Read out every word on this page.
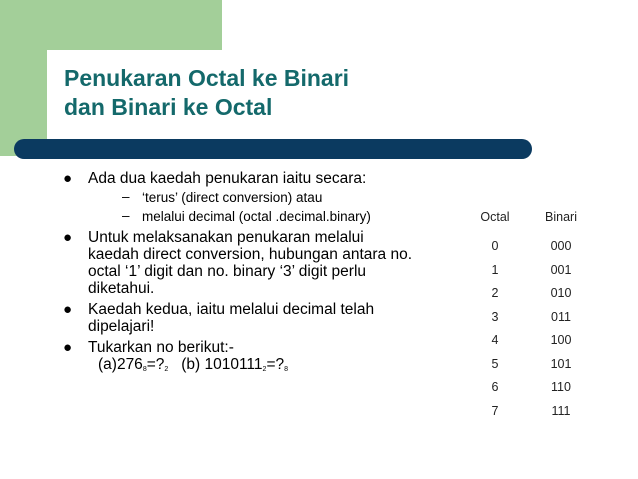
Penukaran Octal ke Binari
dan Binari ke Octal
● Ada dua kaedah penukaran iaitu secara:
– ‘terus’ (direct conversion) atau
– melalui decimal (octal .decimal.binary)
● Untuk melaksanakan penukaran melalui kaedah direct conversion, hubungan antara no. octal ‘1’ digit dan no. binary ‘3’ digit perlu diketahui.
● Kaedah kedua, iaitu melalui decimal telah dipelajari!
● Tukarkan no berikut:-
$(a)276_8=?_2$ (b) $1010111_2=?_8$
Octal	Binari
0	000
1	001
2	010
3	011
4	100
5	101
6	110
7	111
